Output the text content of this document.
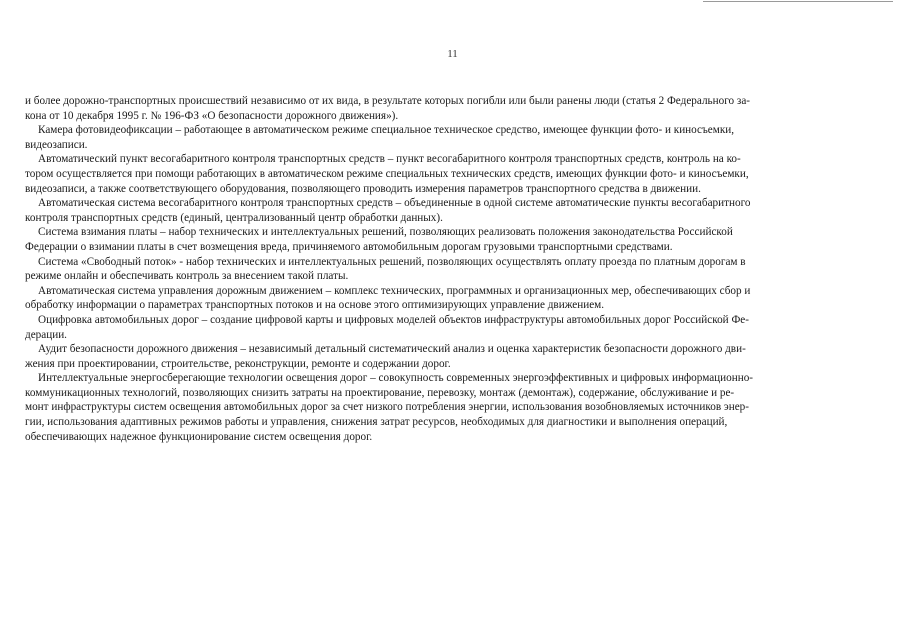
11

и более дорожно-транспортных происшествий независимо от их вида, в результате которых погибли или были ранены люди (статья 2 Федерального за-
кона от 10 декабря 1995 г. № 196-ФЗ «О безопасности дорожного движения»).

Камера фотовидеофиксации – работающее в автоматическом режиме специальное техническое средство, имеющее функции фото- и киносъемки,
видеозаписи.

Автоматический пункт весогабаритного контроля транспортных средств – пункт весогабаритного контроля транспортных средств, контроль на ко-
тором осуществляется при помощи работающих в автоматическом режиме специальных технических средств, имеющих функции фото- и киносъемки,
видеозаписи, а также соответствующего оборудования, позволяющего проводить измерения параметров транспортного средства в движении.

Автоматическая система весогабаритного контроля транспортных средств – объединенные в одной системе автоматические пункты весогабаритного
контроля транспортных средств (единый, централизованный центр обработки данных).

Система взимания платы – набор технических и интеллектуальных решений, позволяющих реализовать положения законодательства Российской
Федерации о взимании платы в счет возмещения вреда, причиняемого автомобильным дорогам грузовыми транспортными средствами.

Система «Свободный поток» - набор технических и интеллектуальных решений, позволяющих осуществлять оплату проезда по платным дорогам в
режиме онлайн и обеспечивать контроль за внесением такой платы.

Автоматическая система управления дорожным движением – комплекс технических, программных и организационных мер, обеспечивающих сбор и
обработку информации о параметрах транспортных потоков и на основе этого оптимизирующих управление движением.

Оцифровка автомобильных дорог – создание цифровой карты и цифровых моделей объектов инфраструктуры автомобильных дорог Российской Фе-
дерации.

Аудит безопасности дорожного движения – независимый детальный систематический анализ и оценка характеристик безопасности дорожного дви-
жения при проектировании, строительстве, реконструкции, ремонте и содержании дорог.

Интеллектуальные энергосберегающие технологии освещения дорог – совокупность современных энергоэффективных и цифровых информационно-
коммуникационных технологий, позволяющих снизить затраты на проектирование, перевозку, монтаж (демонтаж), содержание, обслуживание и ре-
монт инфраструктуры систем освещения автомобильных дорог за счет низкого потребления энергии, использования возобновляемых источников энер-
гии, использования адаптивных режимов работы и управления, снижения затрат ресурсов, необходимых для диагностики и выполнения операций,
обеспечивающих надежное функционирование систем освещения дорог.
